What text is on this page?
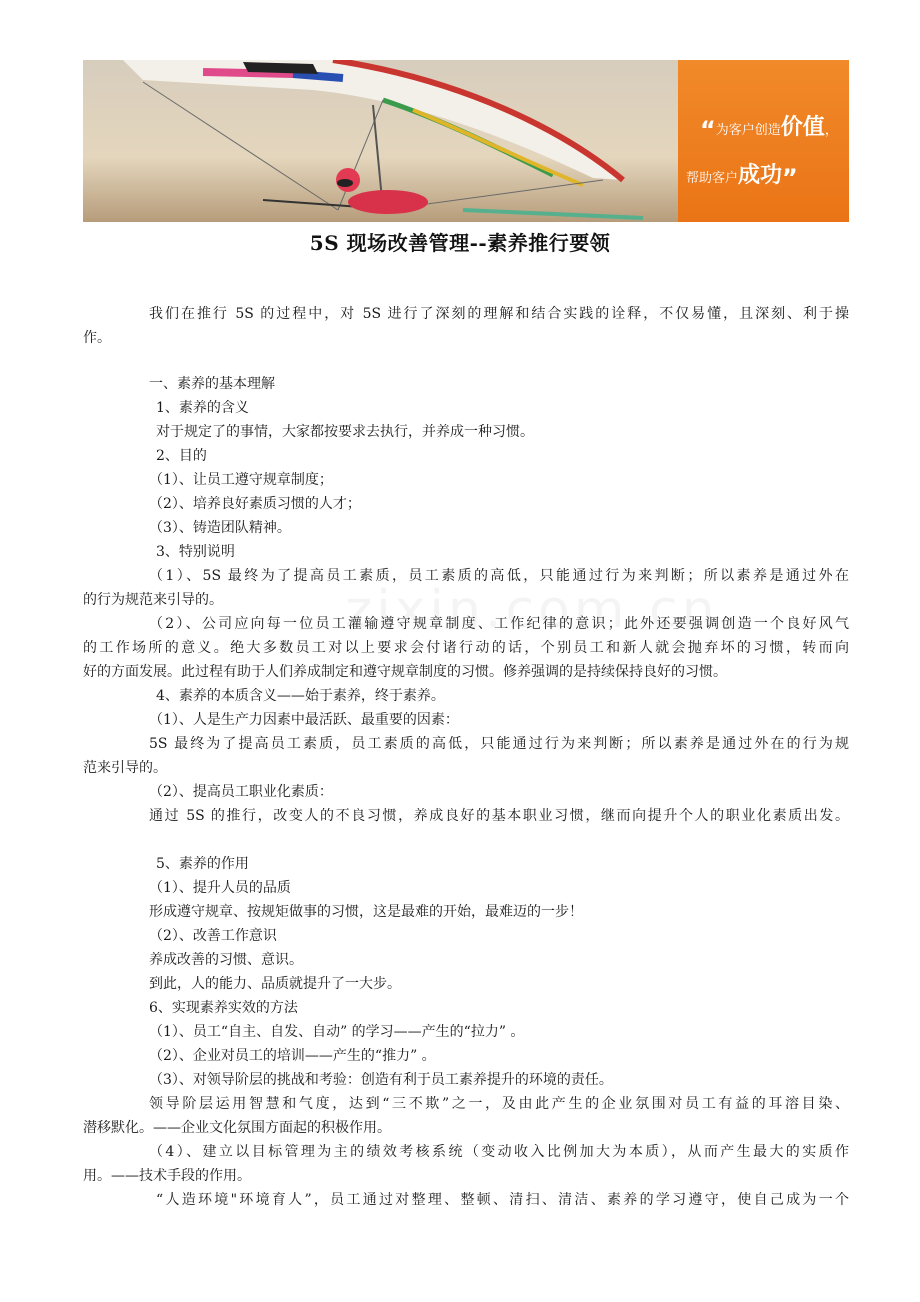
“为客户创造价值，
帮助客户成功”
5S 现场改善管理--素养推行要领
我们在推行 5S 的过程中，对 5S 进行了深刻的理解和结合实践的诠释，不仅易懂，且深刻、利于操
作。
一、素养的基本理解
1、素养的含义
对于规定了的事情，大家都按要求去执行，并养成一种习惯。
2、目的
（1）、让员工遵守规章制度；
（2）、培养良好素质习惯的人才；
（3）、铸造团队精神。
3、特别说明
（1）、5S 最终为了提高员工素质，员工素质的高低，只能通过行为来判断；所以素养是通过外在
的行为规范来引导的。
（2）、公司应向每一位员工灌输遵守规章制度、工作纪律的意识；此外还要强调创造一个良好风气
的工作场所的意义。绝大多数员工对以上要求会付诸行动的话，个别员工和新人就会抛弃坏的习惯，转而向
好的方面发展。此过程有助于人们养成制定和遵守规章制度的习惯。修养强调的是持续保持良好的习惯。
4、素养的本质含义——始于素养，终于素养。
（1）、人是生产力因素中最活跃、最重要的因素：
5S 最终为了提高员工素质，员工素质的高低，只能通过行为来判断；所以素养是通过外在的行为规
范来引导的。
（2）、提高员工职业化素质：
通过 5S 的推行，改变人的不良习惯，养成良好的基本职业习惯，继而向提升个人的职业化素质出发。
5、素养的作用
（1）、提升人员的品质
形成遵守规章、按规矩做事的习惯，这是最难的开始，最难迈的一步！
（2）、改善工作意识
养成改善的习惯、意识。
到此，人的能力、品质就提升了一大步。
6、实现素养实效的方法
（1）、员工“自主、自发、自动” 的学习——产生的“拉力” 。
（2）、企业对员工的培训——产生的“推力” 。
（3）、对领导阶层的挑战和考验：创造有利于员工素养提升的环境的责任。
领导阶层运用智慧和气度，达到“三不欺”之一，及由此产生的企业氛围对员工有益的耳溶目染、
潜移默化。——企业文化氛围方面起的积极作用。
（4）、建立以目标管理为主的绩效考核系统（变动收入比例加大为本质），从而产生最大的实质作
用。——技术手段的作用。
“人造环境"环境育人”，员工通过对整理、整顿、清扫、清洁、素养的学习遵守，使自己成为一个
